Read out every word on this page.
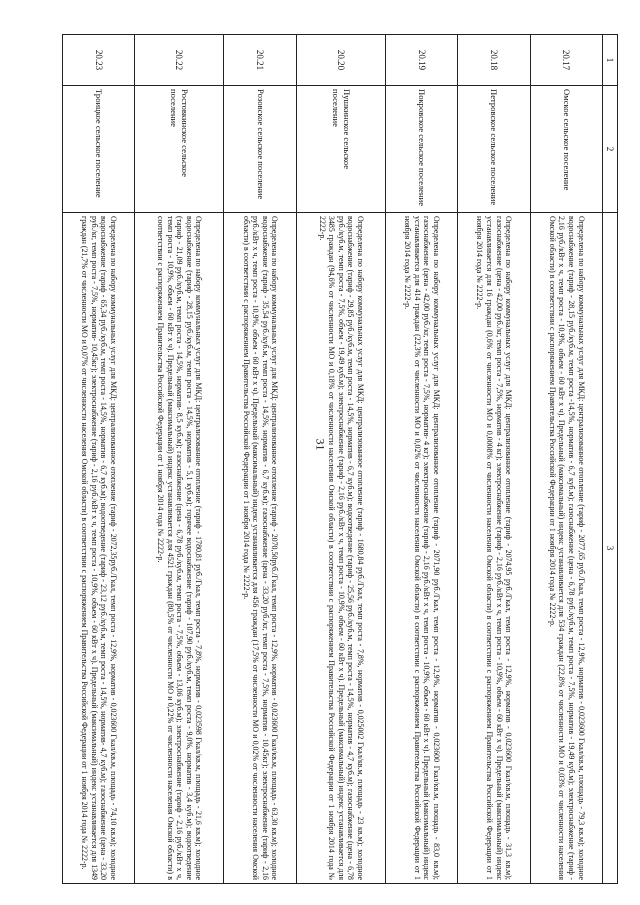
31
1	2	3
20.17	Омское сельское поселение	Определена по набору коммунальных услуг для МКД: централизованное отопление (тариф - 2077,65 руб./Гкал, темп роста - 12,9%, норматив - 0,023600 Гкал/кв.м, площадь - 79,3 кв.м); холодное водоснабжение (тариф - 28,15 руб./куб.м, темп роста -14,5%, норматив - 6,7 куб.м); газоснабжение (цена - 6,78 руб./куб.м, темп роста - 7,5%, норматив - 19,49 куб.м); электроснабжение (тариф - 2,16 руб./кВт х ч, темп роста - 10,9%, объем - 60 кВт х ч). Предельный (максимальный) индекс устанавливается для 534 граждан (22,8% от численности МО и 0,03% от численности населения Омской области) в соответствии с распоряжением Правительства Российской Федерации от 1 ноября 2014 года № 2222-р.
20.18	Петровское сельское поселение	Определена по набору коммунальных услуг для МКД: централизованное отопление (тариф - 2074,95 руб./Гкал, темп роста - 12,9%, норматив - 0,023600 Гкал/кв.м, площадь - 31,3 кв.м); газоснабжение (цена - 42,00 руб./кг, темп роста - 7,5%, норматив - 4 кг); электроснабжение (тариф - 2,16 руб./кВт х ч, темп роста - 10,9%, объем - 60 кВт х ч). Предельный (максимальный) индекс устанавливается для 16 граждан (0,6% от численности МО и 0,0008% от численности населения Омской области) в соответствии с распоряжением Правительства Российской Федерации от 1 ноября 2014 года № 2222-р.
20.19	Покровское сельское поселение	Определена по набору коммунальных услуг для МКД: централизованное отопление (тариф - 2071,90 руб./Гкал, темп роста - 12,9%, норматив - 0,023600 Гкал/кв.м, площадь - 83,0 кв.м); газоснабжение (цена - 42,00 руб./кг, темп роста - 7,5%, норматив- 4 кг); электроснабжение (тариф - 2,16 руб./кВт х ч, темп роста - 10,9%, объем - 60 кВт х ч). Предельный (максимальный) индекс устанавливается для 414 граждан (22,3% от численности МО и 0,02% от численности населения Омской области) в соответствии с распоряжением Правительства Российской Федерации от 1 ноября 2014 года № 2222-р.
20.20	Пушкинское сельское поселение	Определена по набору коммунальных услуг для МКД: централизованное отопление (тариф - 1680,84 руб./Гкал, темп роста - 7,8%, норматив - 0,025002 Гкал/кв.м, площадь - 23 кв.м); холодное водоснабжение (тариф - 29,85 руб./куб.м, темп роста - 14,5%, норматив - 6,7 куб.м); водоотведение (тариф - 25,56 руб./куб.м, темп роста - 14,5%, норматив - 4,7 куб.м); газоснабжение (цена - 6,78 руб./куб.м, темп роста - 7,5%, объем - 19,49 куб.м); электроснабжение (тариф - 2,16 руб./кВт х ч, темп роста - 10,9%, объем - 60 кВт х ч). Предельный (максимальный) индекс устанавливается для 3485 граждан (94,6% от численности МО и 0,18% от численности населения Омской области) в соответствии с распоряжением Правительства Российской Федерации от 1 ноября 2014 года № 2222-р.
20.21	Розовское сельское поселение	Определена по набору коммунальных услуг для МКД: централизованное отопление (тариф - 2070,50руб./Гкал, темп роста - 12,9%, норматив - 0,023600 Гкал/кв.м, площадь - 63,30 кв.м); холодное водоснабжение (тариф - 35,54 руб./куб.м, темп роста - 14,5%, норматив - 6,7 куб.м); газоснабжение (цена - 33,20 руб./кг, темп роста - 7,5%, норматив - 10,45кг); электроснабжение (тариф - 2,16 руб./кВт х ч, темп роста - 10,9%, объем - 60 кВт х ч). Предельный (максимальный) индекс устанавливается для 456 граждан (17,5% от численности МО и 0,02% от численности населения Омской области) в соответствии с распоряжением Правительства Российской Федерации от 1 ноября 2014 года № 2222-р.
20.22	Ростовкинское сельское поселение	Определена по набору коммунальных услуг для МКД: централизованное отопление (тариф - 1780,81 руб./Гкал, темп роста - 7,8%, норматив - 0,023598 Гкал/кв.м, площадь - 21,6 кв.м); холодное водоснабжение (тариф - 28,15 руб./куб.м, темп роста - 14,5%, норматив - 5,1 куб.м); горячее водоснабжение (тариф - 107,90 руб./куб.м, темп роста - 9,0%, норматив - 3,4 куб.м); водоотведение (тариф - 21,09 руб./куб.м, темп роста - 14,5%, норматив- 8,5 куб.м); газоснабжение (цена - 6,78 руб./куб.м, темп роста - 7,5%, объем - 13,06 куб.м); электроснабжение (тариф - 2,16 руб./кВт х ч, темп роста - 10,9%, объем - 60 кВт х ч). Предельный (максимальный) индекс устанавливается для 4521 граждан (80,5% от численности МО и 0,22% от численности населения Омской области) в соответствии с распоряжением Правительства Российской Федерации от 1 ноября 2014 года № 2222-р.
20.23	Троицкое сельское поселение	Определена по набору коммунальных услуг для МКД: централизованное отопление (тариф - 2072,35руб./Гкал, темп роста - 12,9%, норматив - 0,023600 Гкал/кв.м, площадь - 74,10 кв.м); холодное водоснабжение (тариф - 65,34 руб./куб.м, темп роста - 14,5%, норматив - 6,7 куб.м); водоотведение (тариф - 23,12 руб./куб.м, темп роста - 14,5%, норматив- 4,7 куб.м); газоснабжение (цена - 33,20 руб./кг, темп роста - 7,5%, норматив- 10,45кг); электроснабжение (тариф - 2,16 руб./кВт х ч, темп роста - 10,9%, объем - 60 кВт х ч). Предельный (максимальный) индекс устанавливается для 1349 граждан (21,7% от численности МО и 0,07% от численности населения Омской области) в соответствии с распоряжением Правительства Российской Федерации от 1 ноября 2014 года № 2222-р.
